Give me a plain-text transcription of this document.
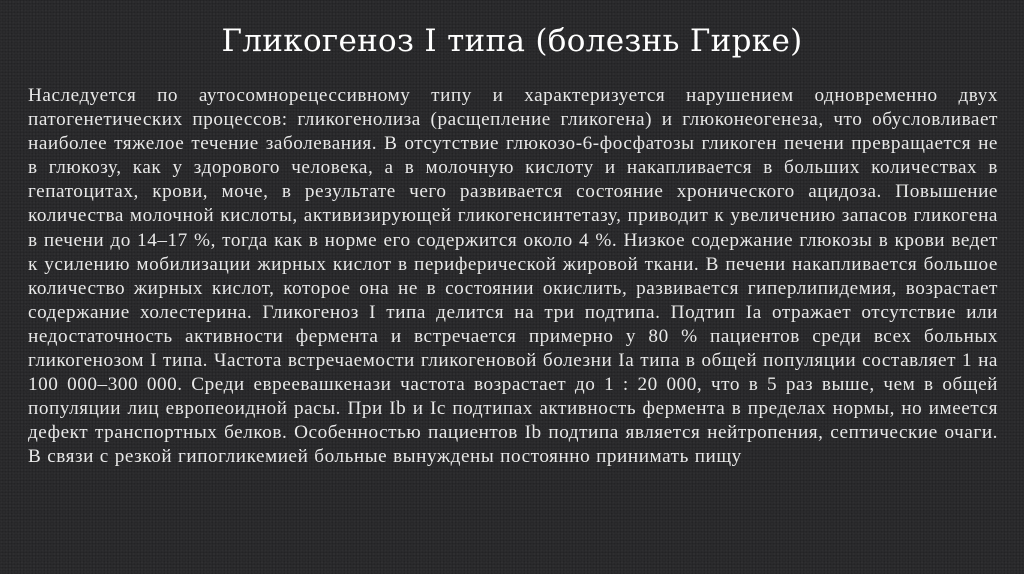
Гликогеноз I типа (болезнь Гирке)

Наследуется по аутосомнорецессивному типу и характеризуется нарушением одновременно двух патогенетических процессов: гликогенолиза (расщепление гликогена) и глюконеогенеза, что обусловливает наиболее тяжелое течение заболевания. В отсутствие глюкозо-6-фосфатозы гликоген печени превращается не в глюкозу, как у здорового человека, а в молочную кислоту и накапливается в больших количествах в гепатоцитах, крови, моче, в результате чего развивается состояние хронического ацидоза. Повышение количества молочной кислоты, активизирующей гликогенсинтетазу, приводит к увеличению запасов гликогена в печени до 14–17 %, тогда как в норме его содержится около 4 %. Низкое содержание глюкозы в крови ведет к усилению мобилизации жирных кислот в периферической жировой ткани. В печени накапливается большое количество жирных кислот, которое она не в состоянии окислить, развивается гиперлипидемия, возрастает содержание холестерина. Гликогеноз I типа делится на три подтипа. Подтип Ia отражает отсутствие или недостаточность активности фермента и встречается примерно у 80 % пациентов среди всех больных гликогенозом I типа. Частота встречаемости гликогеновой болезни Ia типа в общей популяции составляет 1 на 100 000–300 000. Среди евреевашкенази частота возрастает до 1 : 20 000, что в 5 раз выше, чем в общей популяции лиц европеоидной расы. При Ib и Ic подтипах активность фермента в пределах нормы, но имеется дефект транспортных белков. Особенностью пациентов Ib подтипа является нейтропения, септические очаги. В связи с резкой гипогликемией больные вынуждены постоянно принимать пищу
